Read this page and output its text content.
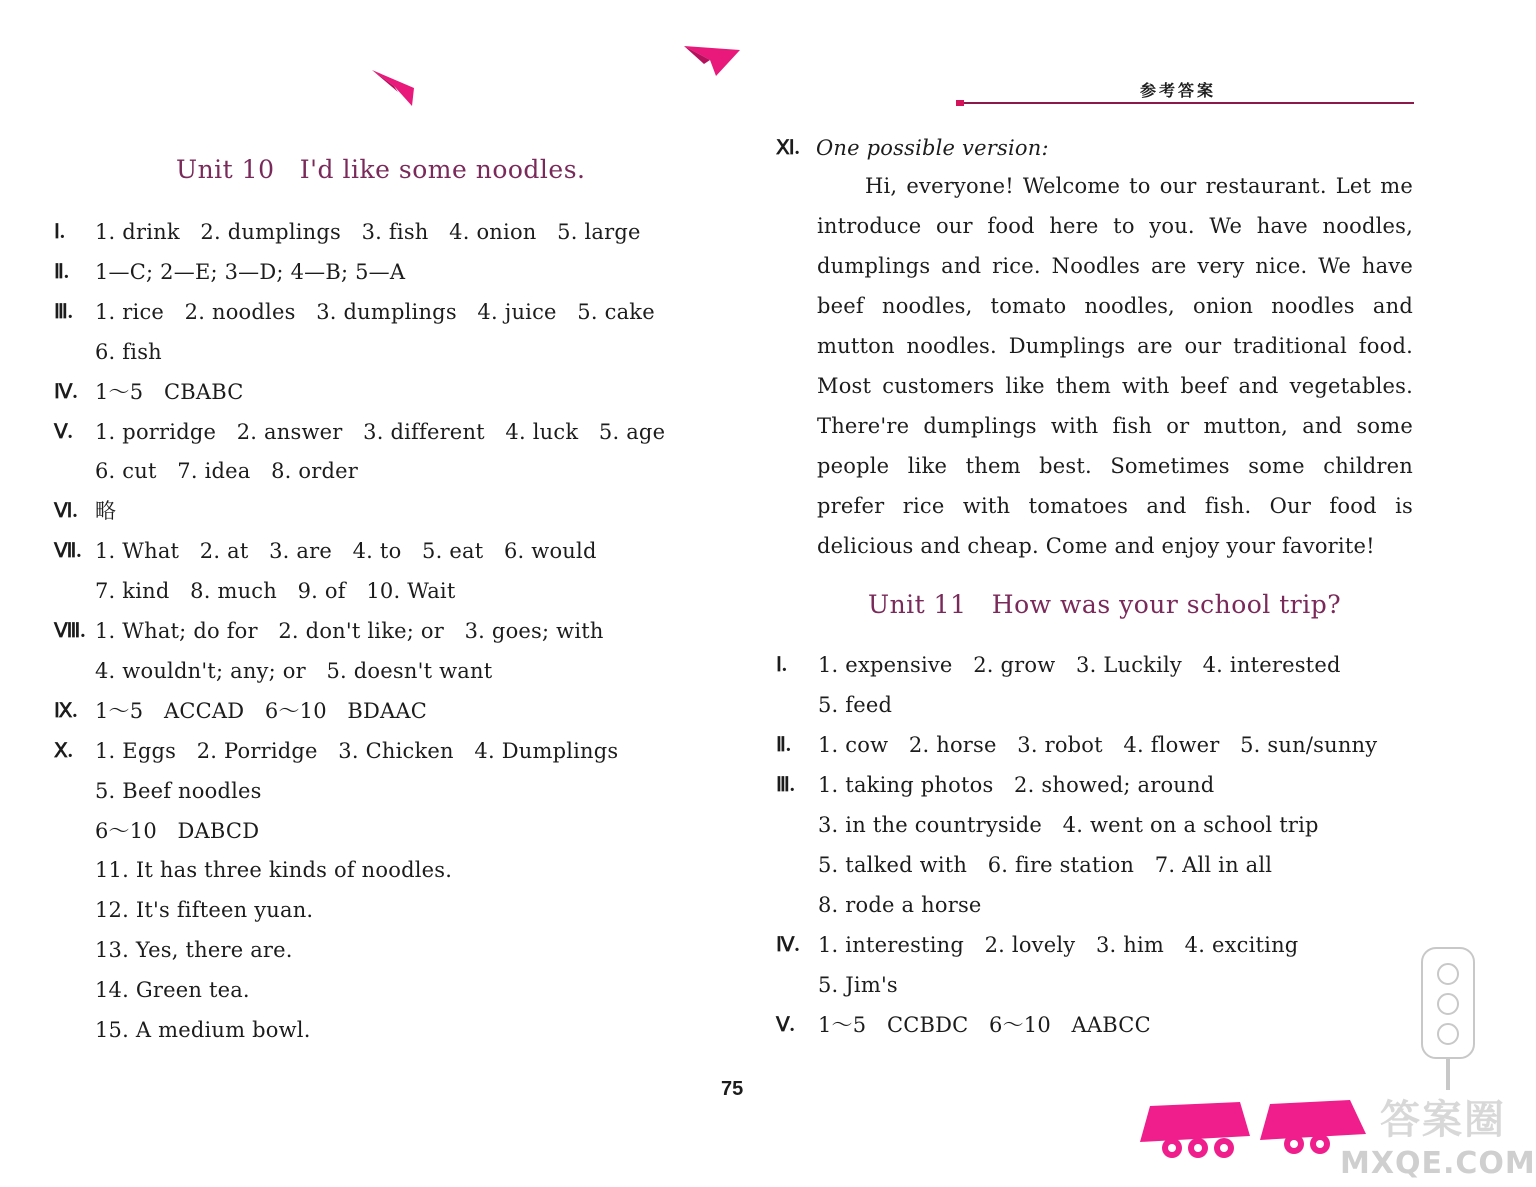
参考答案
Unit 10   I'd like some noodles.
Ⅰ. 1. drink   2. dumplings   3. fish   4. onion   5. large
Ⅱ. 1—C; 2—E; 3—D; 4—B; 5—A
Ⅲ. 1. rice   2. noodles   3. dumplings   4. juice   5. cake
6. fish
Ⅳ. 1～5   CBABC
Ⅴ. 1. porridge   2. answer   3. different   4. luck   5. age
6. cut   7. idea   8. order
Ⅵ. 略
Ⅶ. 1. What   2. at   3. are   4. to   5. eat   6. would
7. kind   8. much   9. of   10. Wait
Ⅷ. 1. What; do for   2. don't like; or   3. goes; with
4. wouldn't; any; or   5. doesn't want
Ⅸ. 1～5   ACCAD   6～10   BDAAC
Ⅹ. 1. Eggs   2. Porridge   3. Chicken   4. Dumplings
5. Beef noodles
6～10   DABCD
11. It has three kinds of noodles.
12. It's fifteen yuan.
13. Yes, there are.
14. Green tea.
15. A medium bowl.
Ⅺ. One possible version:
Hi, everyone! Welcome to our restaurant. Let me introduce our food here to you. We have noodles, dumplings and rice. Noodles are very nice. We have beef noodles, tomato noodles, onion noodles and mutton noodles. Dumplings are our traditional food. Most customers like them with beef and vegetables. There're dumplings with fish or mutton, and some people like them best. Sometimes some children prefer rice with tomatoes and fish. Our food is delicious and cheap. Come and enjoy your favorite!
Unit 11   How was your school trip?
Ⅰ. 1. expensive   2. grow   3. Luckily   4. interested
5. feed
Ⅱ. 1. cow   2. horse   3. robot   4. flower   5. sun/sunny
Ⅲ. 1. taking photos   2. showed; around
3. in the countryside   4. went on a school trip
5. talked with   6. fire station   7. All in all
8. rode a horse
Ⅳ. 1. interesting   2. lovely   3. him   4. exciting
5. Jim's
Ⅴ. 1～5   CCBDC   6～10   AABCC
75
答案圈
MXQE.COM
